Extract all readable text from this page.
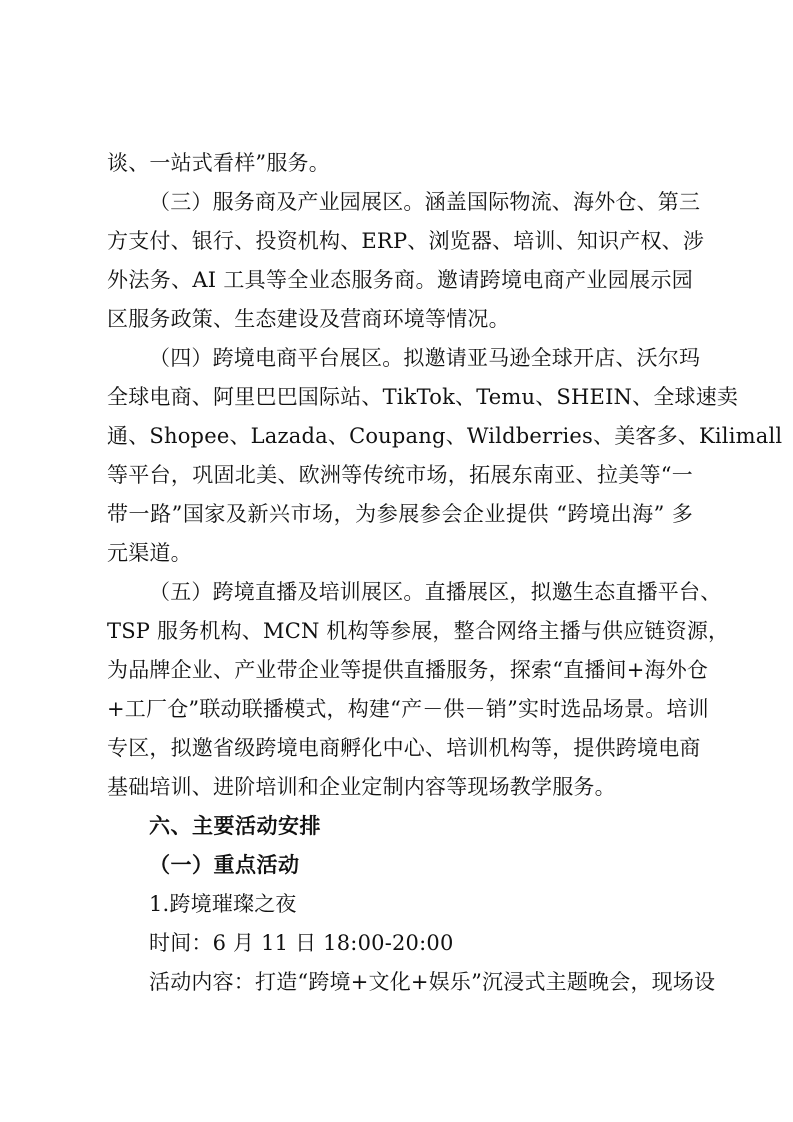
谈、一站式看样”服务。
（三）服务商及产业园展区。涵盖国际物流、海外仓、第三
方支付、银行、投资机构、ERP、浏览器、培训、知识产权、涉
外法务、AI 工具等全业态服务商。邀请跨境电商产业园展示园
区服务政策、生态建设及营商环境等情况。
（四）跨境电商平台展区。拟邀请亚马逊全球开店、沃尔玛
全球电商、阿里巴巴国际站、TikTok、Temu、SHEIN、全球速卖
通、Shopee、Lazada、Coupang、Wildberries、美客多、Kilimall
等平台，巩固北美、欧洲等传统市场，拓展东南亚、拉美等“一
带一路”国家及新兴市场，为参展参会企业提供 “跨境出海” 多
元渠道。
（五）跨境直播及培训展区。直播展区，拟邀生态直播平台、
TSP 服务机构、MCN 机构等参展，整合网络主播与供应链资源，
为品牌企业、产业带企业等提供直播服务，探索“直播间+海外仓
+工厂仓”联动联播模式，构建“产－供－销”实时选品场景。培训
专区，拟邀省级跨境电商孵化中心、培训机构等，提供跨境电商
基础培训、进阶培训和企业定制内容等现场教学服务。
六、主要活动安排
（一）重点活动
1.跨境璀璨之夜
时间：6 月 11 日 18:00-20:00
活动内容：打造“跨境+文化+娱乐”沉浸式主题晚会，现场设
